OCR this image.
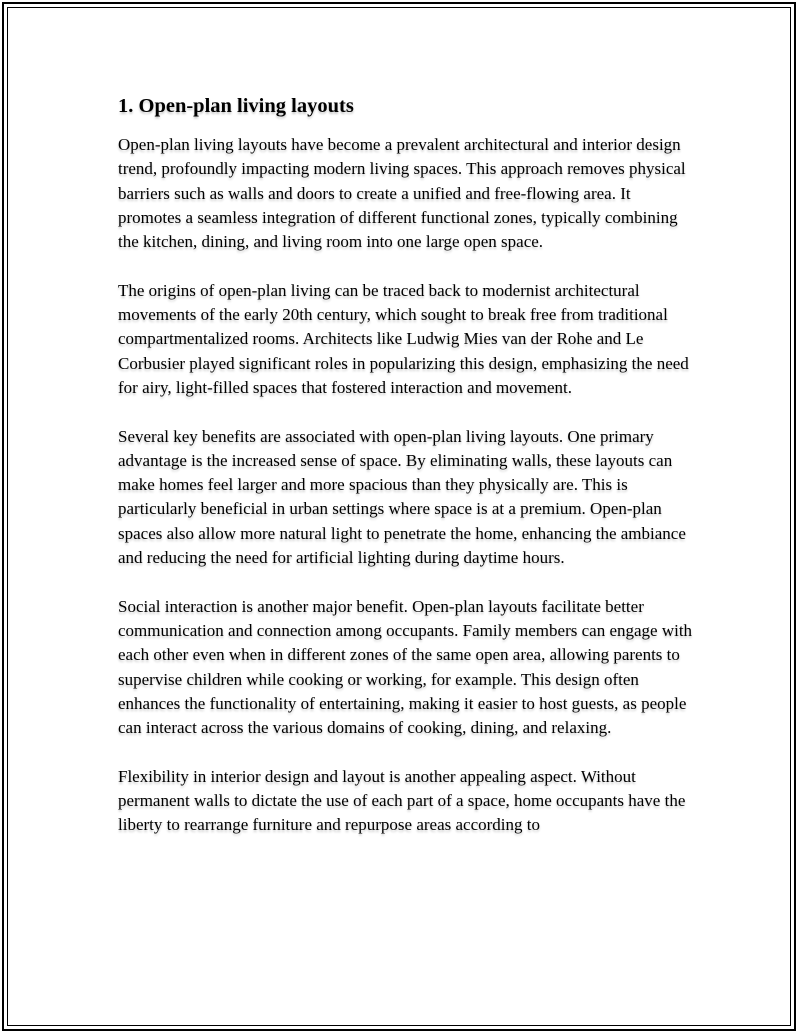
1. Open-plan living layouts

Open-plan living layouts have become a prevalent architectural and interior design trend, profoundly impacting modern living spaces. This approach removes physical barriers such as walls and doors to create a unified and free-flowing area. It promotes a seamless integration of different functional zones, typically combining the kitchen, dining, and living room into one large open space.

The origins of open-plan living can be traced back to modernist architectural movements of the early 20th century, which sought to break free from traditional compartmentalized rooms. Architects like Ludwig Mies van der Rohe and Le Corbusier played significant roles in popularizing this design, emphasizing the need for airy, light-filled spaces that fostered interaction and movement.

Several key benefits are associated with open-plan living layouts. One primary advantage is the increased sense of space. By eliminating walls, these layouts can make homes feel larger and more spacious than they physically are. This is particularly beneficial in urban settings where space is at a premium. Open-plan spaces also allow more natural light to penetrate the home, enhancing the ambiance and reducing the need for artificial lighting during daytime hours.

Social interaction is another major benefit. Open-plan layouts facilitate better communication and connection among occupants. Family members can engage with each other even when in different zones of the same open area, allowing parents to supervise children while cooking or working, for example. This design often enhances the functionality of entertaining, making it easier to host guests, as people can interact across the various domains of cooking, dining, and relaxing.

Flexibility in interior design and layout is another appealing aspect. Without permanent walls to dictate the use of each part of a space, home occupants have the liberty to rearrange furniture and repurpose areas according to
